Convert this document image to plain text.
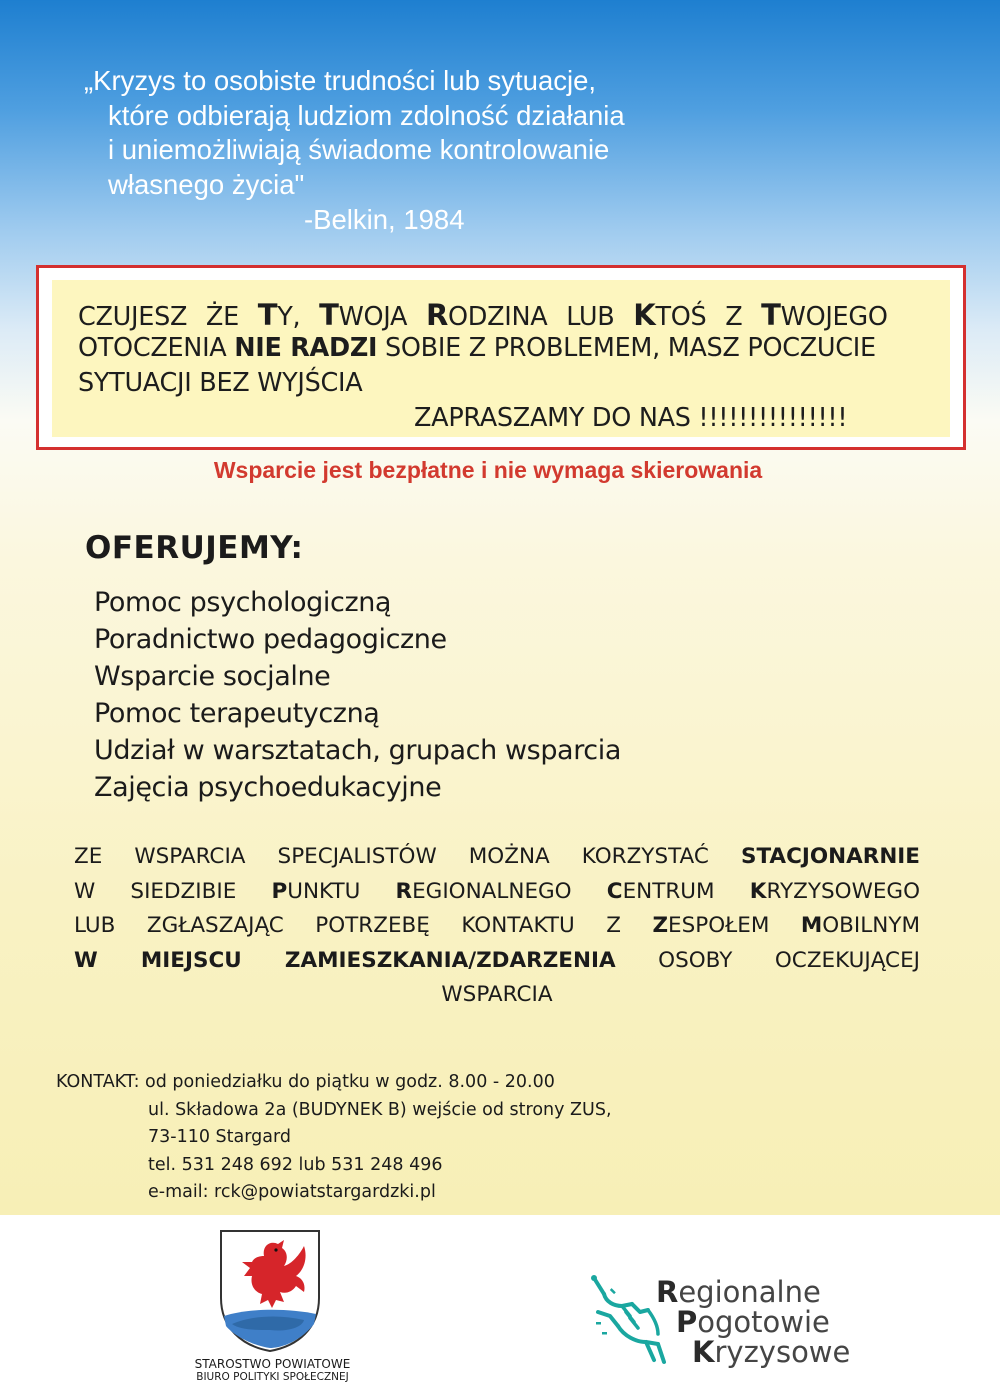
„Kryzys to osobiste trudności lub sytuacje,
które odbierają ludziom zdolność działania
i uniemożliwiają świadome kontrolowanie
własnego życia"
-Belkin, 1984
CZUJESZ ŻE TY, TWOJA RODZINA LUB KTOŚ Z TWOJEGO
OTOCZENIA NIE RADZI SOBIE Z PROBLEMEM, MASZ POCZUCIE
SYTUACJI BEZ WYJŚCIA
ZAPRASZAMY DO NAS !!!!!!!!!!!!!!!
Wsparcie jest bezpłatne i nie wymaga skierowania
OFERUJEMY:
Pomoc psychologiczną
Poradnictwo pedagogiczne
Wsparcie socjalne
Pomoc terapeutyczną
Udział w warsztatach, grupach wsparcia
Zajęcia psychoedukacyjne
ZE WSPARCIA SPECJALISTÓW MOŻNA KORZYSTAĆ STACJONARNIE
W SIEDZIBIE PUNKTU REGIONALNEGO CENTRUM KRYZYSOWEGO
LUB ZGŁASZAJĄC POTRZEBĘ KONTAKTU Z ZESPOŁEM MOBILNYM
W MIEJSCU ZAMIESZKANIA/ZDARZENIA OSOBY OCZEKUJĄCEJ
WSPARCIA
KONTAKT: od poniedziałku do piątku w godz. 8.00 - 20.00
ul. Składowa 2a (BUDYNEK B) wejście od strony ZUS,
73-110 Stargard
tel. 531 248 692 lub 531 248 496
e-mail: rck@powiatstargardzki.pl
STAROSTWO POWIATOWE
BIURO POLITYKI SPOŁECZNEJ
Regionalne
Pogotowie
Kryzysowe
